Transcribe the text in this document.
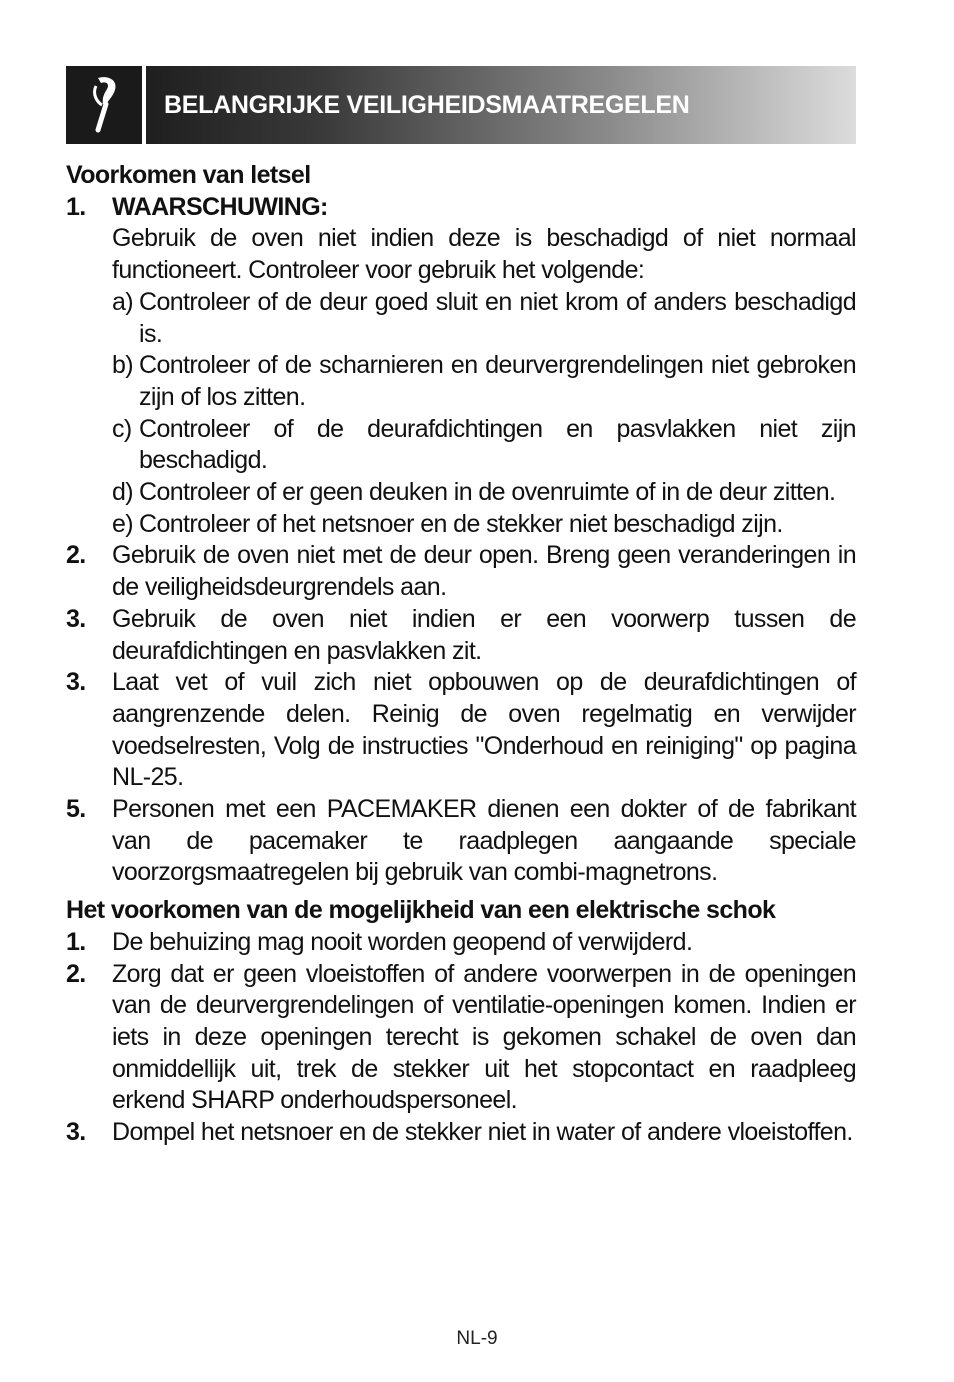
BELANGRIJKE VEILIGHEIDSMAATREGELEN

Voorkomen van letsel

1.	WAARSCHUWING:
Gebruik de oven niet indien deze is beschadigd of niet normaal functioneert. Controleer voor gebruik het volgende:
a) Controleer of de deur goed sluit en niet krom of anders beschadigd is.
b) Controleer of de scharnieren en deurvergrendelingen niet gebroken zijn of los zitten.
c) Controleer of de deurafdichtingen en pasvlakken niet zijn beschadigd.
d) Controleer of er geen deuken in de ovenruimte of in de deur zitten.
e) Controleer of het netsnoer en de stekker niet beschadigd zijn.
2.	Gebruik de oven niet met de deur open. Breng geen veranderingen in de veiligheidsdeurgrendels aan.
3.	Gebruik de oven niet indien er een voorwerp tussen de deurafdichtingen en pasvlakken zit.
3.	Laat vet of vuil zich niet opbouwen op de deurafdichtingen of aangrenzende delen. Reinig de oven regelmatig en verwijder voedselresten, Volg de instructies "Onderhoud en reiniging" op pagina NL-25.
5.	Personen met een PACEMAKER dienen een dokter of de fabrikant van de pacemaker te raadplegen aangaande speciale voorzorgsmaatregelen bij gebruik van combi-magnetrons.

Het voorkomen van de mogelijkheid van een elektrische schok

1.	De behuizing mag nooit worden geopend of verwijderd.
2.	Zorg dat er geen vloeistoffen of andere voorwerpen in de openingen van de deurvergrendelingen of ventilatie-openingen komen. Indien er iets in deze openingen terecht is gekomen schakel de oven dan onmiddellijk uit, trek de stekker uit het stopcontact en raadpleeg erkend SHARP onderhoudspersoneel.
3.	Dompel het netsnoer en de stekker niet in water of andere vloeistoffen.
NL-9
